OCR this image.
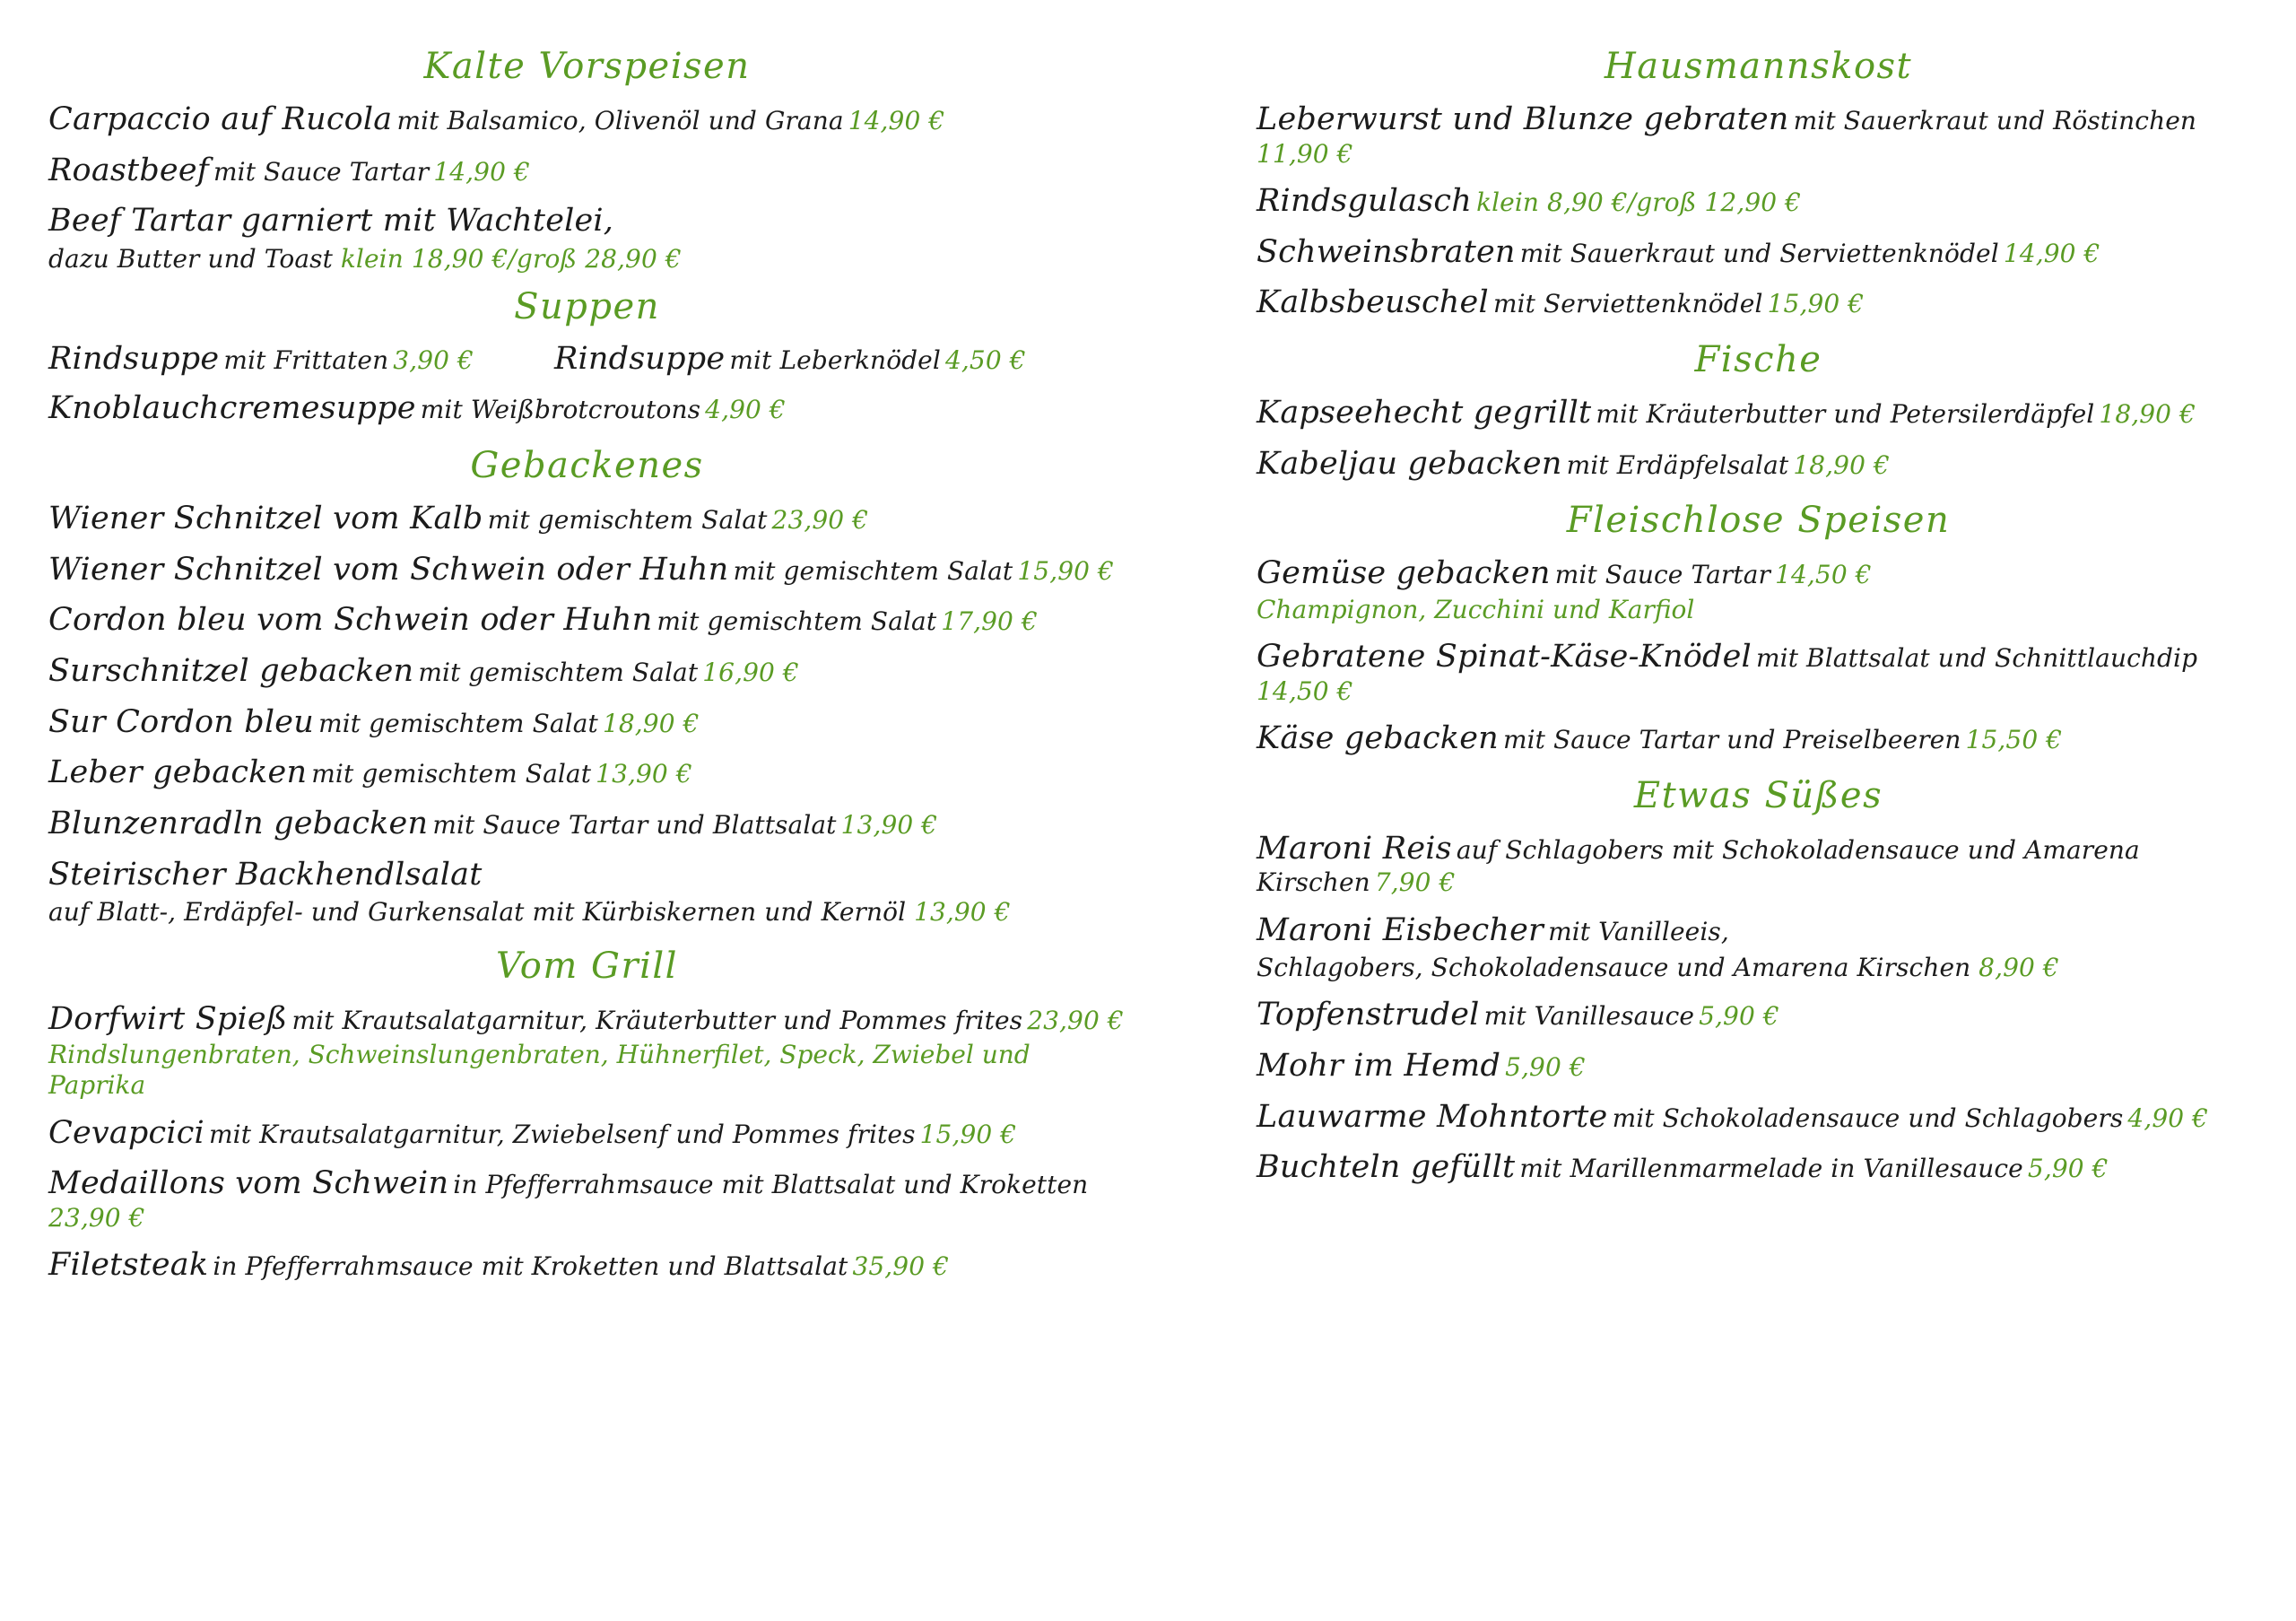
Kalte Vorspeisen
Carpaccio auf Rucola mit Balsamico, Olivenöl und Grana 14,90 €
Roastbeef mit Sauce Tartar 14,90 €
Beef Tartar garniert mit Wachtelei,
dazu Butter und Toast klein 18,90 €/groß 28,90 €
Suppen
Rindsuppe mit Frittaten 3,90 €	Rindsuppe mit Leberknödel 4,50 €
Knoblauchcremesuppe mit Weißbrotcroutons 4,90 €
Gebackenes
Wiener Schnitzel vom Kalb mit gemischtem Salat 23,90 €
Wiener Schnitzel vom Schwein oder Huhn mit gemischtem Salat 15,90 €
Cordon bleu vom Schwein oder Huhn mit gemischtem Salat 17,90 €
Surschnitzel gebacken mit gemischtem Salat 16,90 €
Sur Cordon bleu mit gemischtem Salat 18,90 €
Leber gebacken mit gemischtem Salat 13,90 €
Blunzenradln gebacken mit Sauce Tartar und Blattsalat 13,90 €
Steirischer Backhendlsalat
auf Blatt-, Erdäpfel- und Gurkensalat mit Kürbiskernen und Kernöl 13,90 €
Vom Grill
Dorfwirt Spieß mit Krautsalatgarnitur, Kräuterbutter und Pommes frites 23,90 €
Rindslungenbraten, Schweinslungenbraten, Hühnerfilet, Speck, Zwiebel und Paprika
Cevapcici mit Krautsalatgarnitur, Zwiebelsenf und Pommes frites 15,90 €
Medaillons vom Schwein in Pfefferrahmsauce mit Blattsalat und Kroketten 23,90 €
Filetsteak in Pfefferrahmsauce mit Kroketten und Blattsalat 35,90 €
Hausmannskost
Leberwurst und Blunze gebraten mit Sauerkraut und Röstinchen 11,90 €
Rindsgulasch klein 8,90 €/groß 12,90 €
Schweinsbraten mit Sauerkraut und Serviettenknödel 14,90 €
Kalbsbeuschel mit Serviettenknödel 15,90 €
Fische
Kapseehecht gegrillt mit Kräuterbutter und Petersilerdäpfel 18,90 €
Kabeljau gebacken mit Erdäpfelsalat 18,90 €
Fleischlose Speisen
Gemüse gebacken mit Sauce Tartar 14,50 €
Champignon, Zucchini und Karfiol
Gebratene Spinat-Käse-Knödel mit Blattsalat und Schnittlauchdip 14,50 €
Käse gebacken mit Sauce Tartar und Preiselbeeren 15,50 €
Etwas Süßes
Maroni Reis auf Schlagobers mit Schokoladensauce und Amarena Kirschen 7,90 €
Maroni Eisbecher mit Vanilleeis,
Schlagobers, Schokoladensauce und Amarena Kirschen 8,90 €
Topfenstrudel mit Vanillesauce 5,90 €
Mohr im Hemd 5,90 €
Lauwarme Mohntorte mit Schokoladensauce und Schlagobers 4,90 €
Buchteln gefüllt mit Marillenmarmelade in Vanillesauce 5,90 €
